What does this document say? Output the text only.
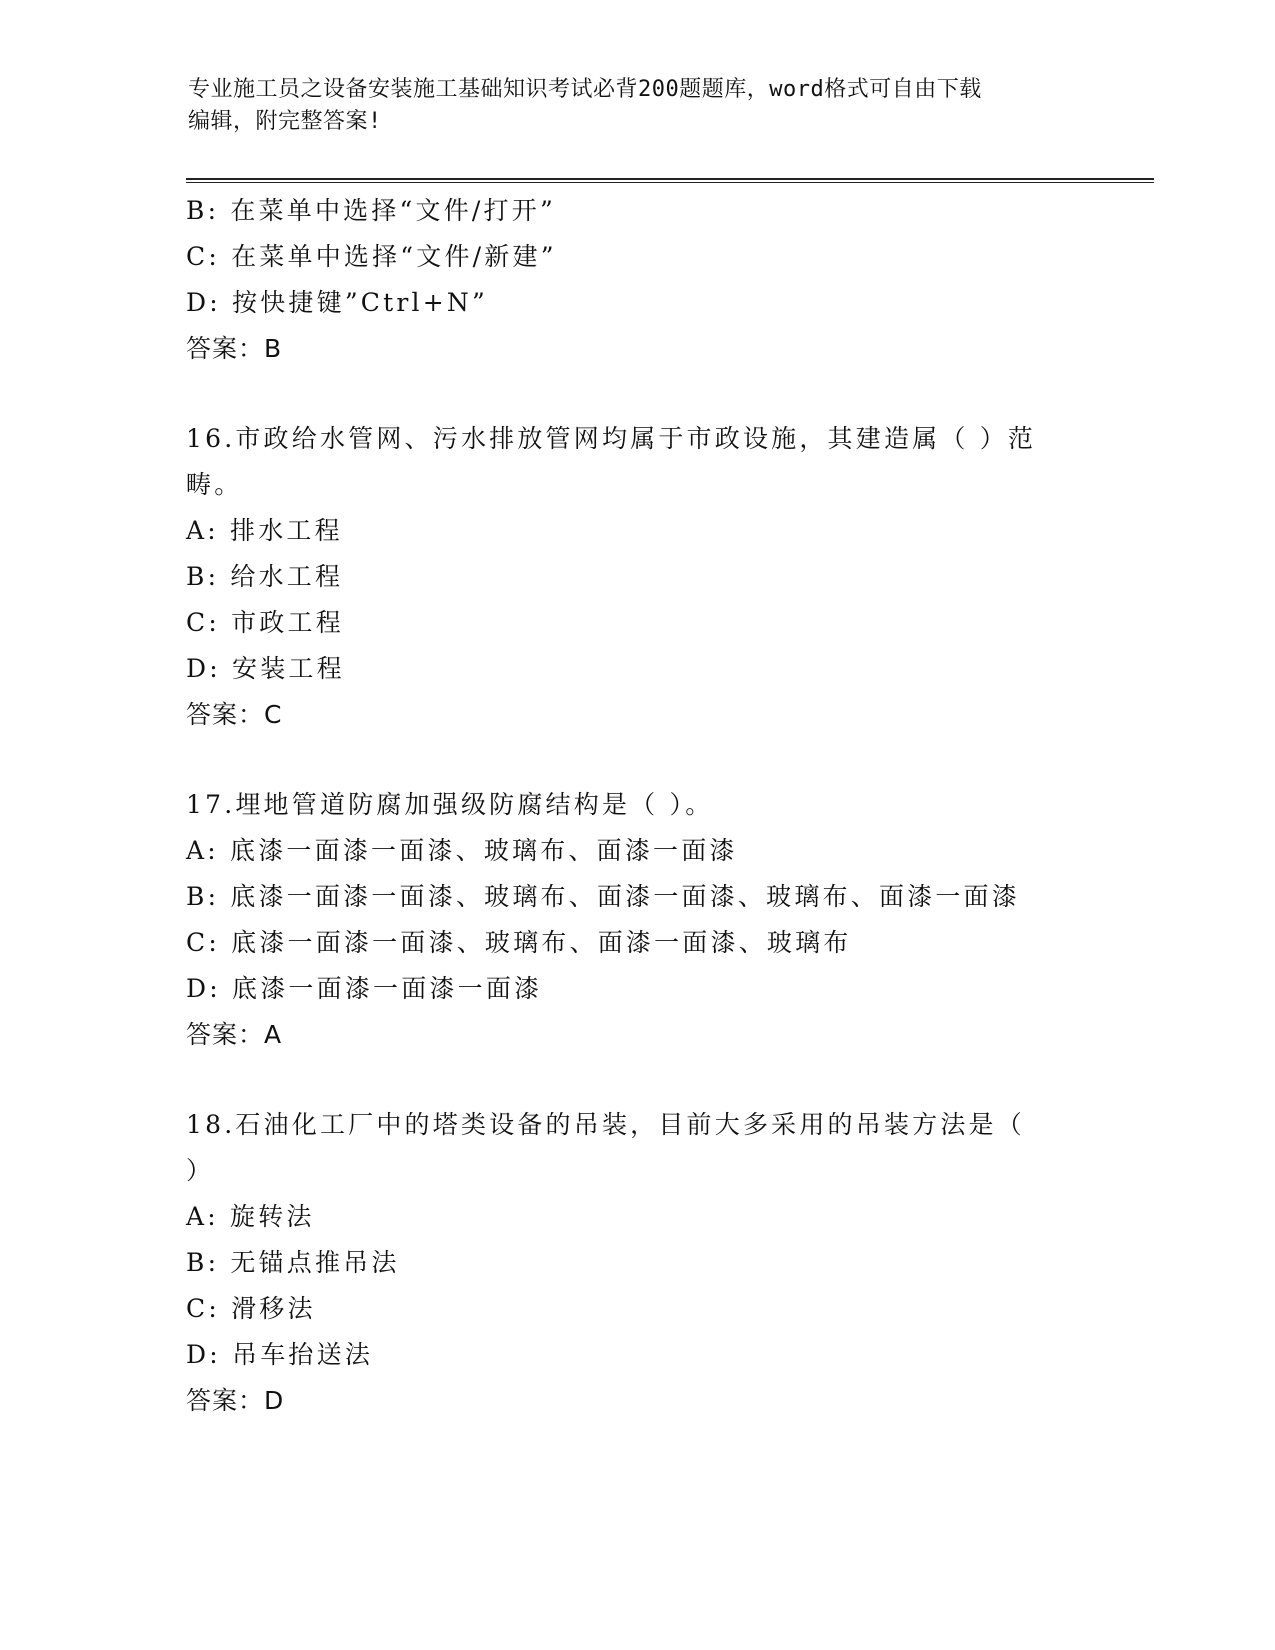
专业施工员之设备安装施工基础知识考试必背200题题库，word格式可自由下载
编辑，附完整答案!
B: 在菜单中选择“文件/打开”
C: 在菜单中选择“文件/新建”
D: 按快捷键”Ctrl+N”
答案：B
16.市政给水管网、污水排放管网均属于市政设施，其建造属（ ）范
畴。
A: 排水工程
B: 给水工程
C: 市政工程
D: 安装工程
答案：C
17.埋地管道防腐加强级防腐结构是（ ）。
A: 底漆一面漆一面漆、玻璃布、面漆一面漆
B: 底漆一面漆一面漆、玻璃布、面漆一面漆、玻璃布、面漆一面漆
C: 底漆一面漆一面漆、玻璃布、面漆一面漆、玻璃布
D: 底漆一面漆一面漆一面漆
答案：A
18.石油化工厂中的塔类设备的吊装，目前大多采用的吊装方法是（
）
A: 旋转法
B: 无锚点推吊法
C: 滑移法
D: 吊车抬送法
答案：D
